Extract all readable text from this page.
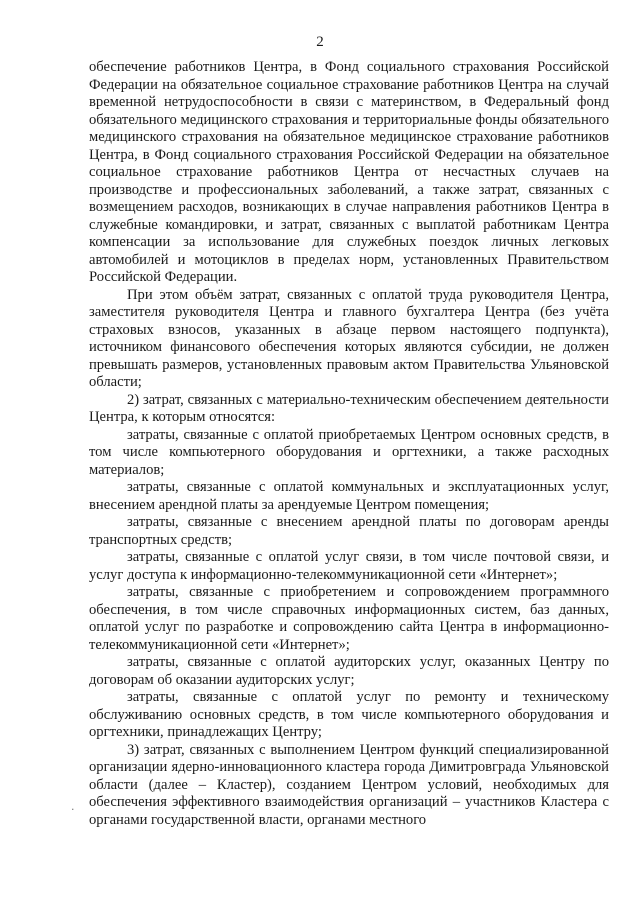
2

обеспечение работников Центра, в Фонд социального страхования Российской Федерации на обязательное социальное страхование работников Центра на случай временной нетрудоспособности в связи с материнством, в Федеральный фонд обязательного медицинского страхования и территориальные фонды обязательного медицинского страхования на обязательное медицинское страхование работников Центра, в Фонд социального страхования Российской Федерации на обязательное социальное страхование работников Центра от несчастных случаев на производстве и профессиональных заболеваний, а также затрат, связанных с возмещением расходов, возникающих в случае направления работников Центра в служебные командировки, и затрат, связанных с выплатой работникам Центра компенсации за использование для служебных поездок личных легковых автомобилей и мотоциклов в пределах норм, установленных Правительством Российской Федерации.

При этом объём затрат, связанных с оплатой труда руководителя Центра, заместителя руководителя Центра и главного бухгалтера Центра (без учёта страховых взносов, указанных в абзаце первом настоящего подпункта), источником финансового обеспечения которых являются субсидии, не должен превышать размеров, установленных правовым актом Правительства Ульяновской области;

2) затрат, связанных с материально-техническим обеспечением деятельности Центра, к которым относятся:

затраты, связанные с оплатой приобретаемых Центром основных средств, в том числе компьютерного оборудования и оргтехники, а также расходных материалов;

затраты, связанные с оплатой коммунальных и эксплуатационных услуг, внесением арендной платы за арендуемые Центром помещения;

затраты, связанные с внесением арендной платы по договорам аренды транспортных средств;

затраты, связанные с оплатой услуг связи, в том числе почтовой связи, и услуг доступа к информационно-телекоммуникационной сети «Интернет»;

затраты, связанные с приобретением и сопровождением программного обеспечения, в том числе справочных информационных систем, баз данных, оплатой услуг по разработке и сопровождению сайта Центра в информационно-телекоммуникационной сети «Интернет»;

затраты, связанные с оплатой аудиторских услуг, оказанных Центру по договорам об оказании аудиторских услуг;

затраты, связанные с оплатой услуг по ремонту и техническому обслуживанию основных средств, в том числе компьютерного оборудования и оргтехники, принадлежащих Центру;

3) затрат, связанных с выполнением Центром функций специализированной организации ядерно-инновационного кластера города Димитровграда Ульяновской области (далее – Кластер), созданием Центром условий, необходимых для обеспечения эффективного взаимодействия организаций – участников Кластера с органами государственной власти, органами местного

·
